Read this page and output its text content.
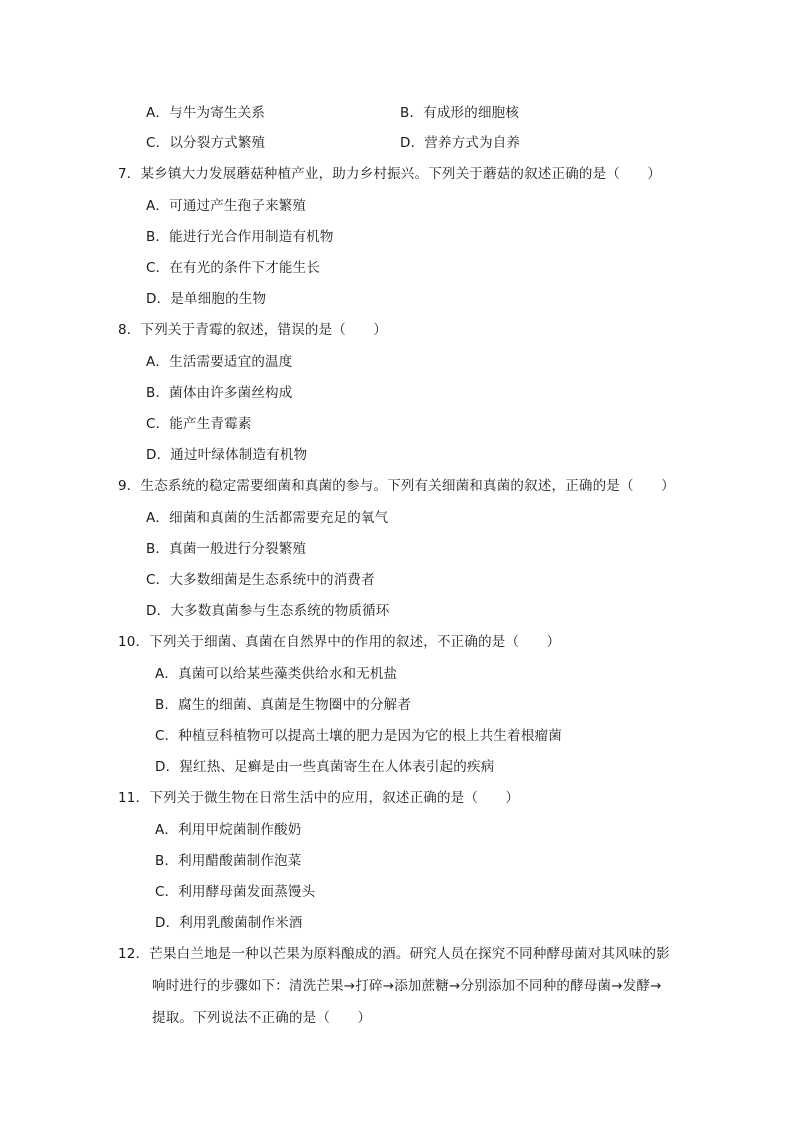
A．与牛为寄生关系	B．有成形的细胞核
C．以分裂方式繁殖	D．营养方式为自养
7．某乡镇大力发展蘑菇种植产业，助力乡村振兴。下列关于蘑菇的叙述正确的是（　　）
A．可通过产生孢子来繁殖
B．能进行光合作用制造有机物
C．在有光的条件下才能生长
D．是单细胞的生物
8．下列关于青霉的叙述，错误的是（　　）
A．生活需要适宜的温度
B．菌体由许多菌丝构成
C．能产生青霉素
D．通过叶绿体制造有机物
9．生态系统的稳定需要细菌和真菌的参与。下列有关细菌和真菌的叙述，正确的是（　　）
A．细菌和真菌的生活都需要充足的氧气
B．真菌一般进行分裂繁殖
C．大多数细菌是生态系统中的消费者
D．大多数真菌参与生态系统的物质循环
10．下列关于细菌、真菌在自然界中的作用的叙述，不正确的是（　　）
A．真菌可以给某些藻类供给水和无机盐
B．腐生的细菌、真菌是生物圈中的分解者
C．种植豆科植物可以提高土壤的肥力是因为它的根上共生着根瘤菌
D．猩红热、足癣是由一些真菌寄生在人体表引起的疾病
11．下列关于微生物在日常生活中的应用，叙述正确的是（　　）
A．利用甲烷菌制作酸奶
B．利用醋酸菌制作泡菜
C．利用酵母菌发面蒸馒头
D．利用乳酸菌制作米酒
12．芒果白兰地是一种以芒果为原料酿成的酒。研究人员在探究不同种酵母菌对其风味的影
响时进行的步骤如下：清洗芒果→打碎→添加蔗糖→分别添加不同种的酵母菌→发酵→
提取。下列说法不正确的是（　　）
